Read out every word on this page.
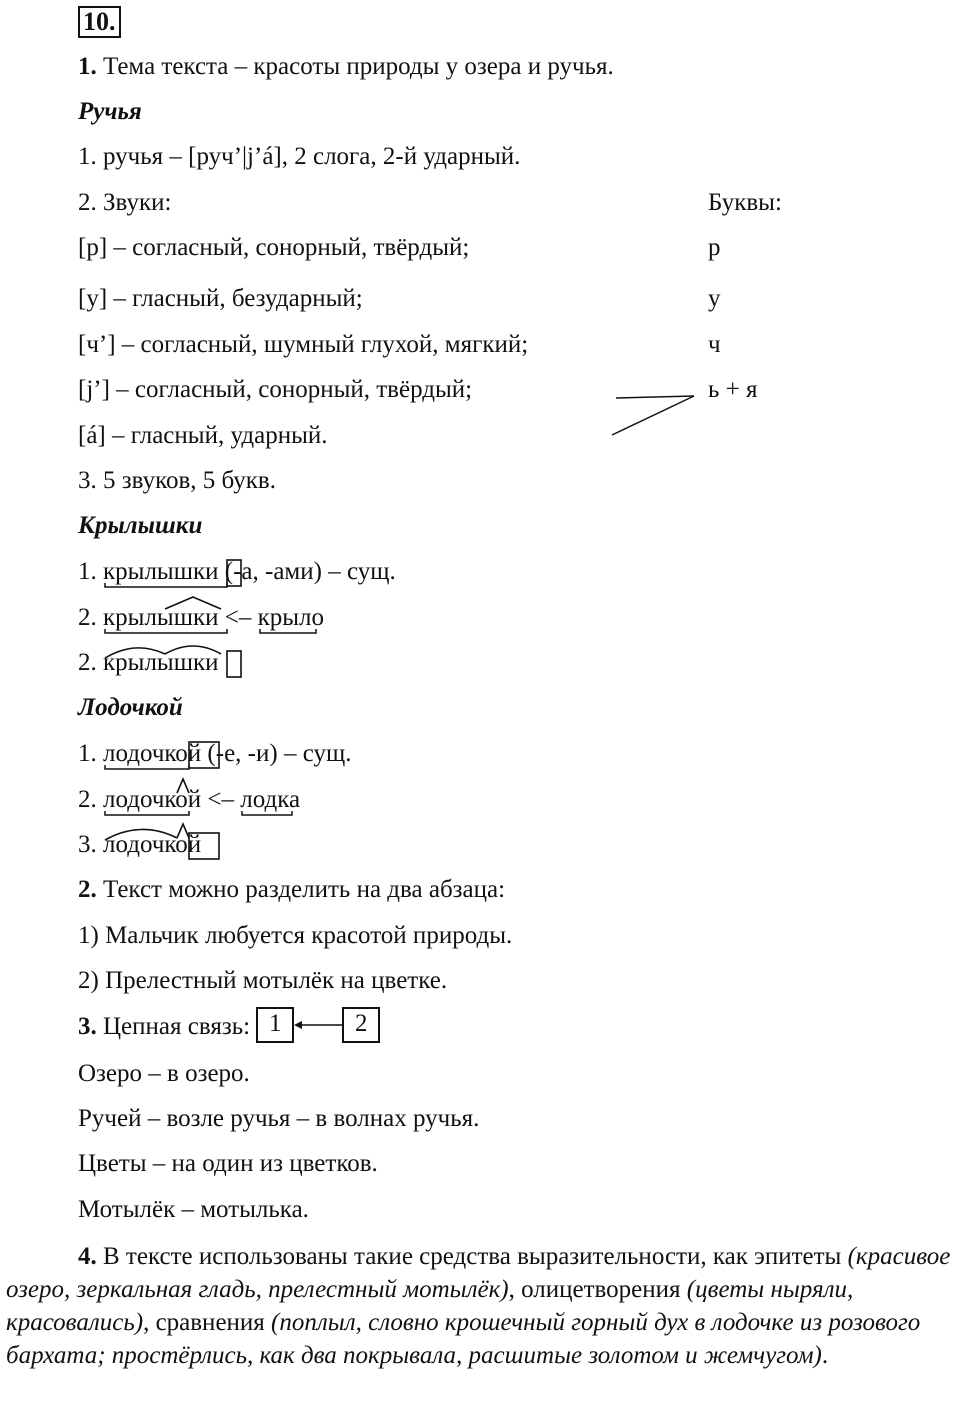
10.
1. Тема текста – красоты природы у озера и ручья.
Ручья
1. ручья – [руч’|j’á], 2 слога, 2-й ударный.
2. Звуки:	Буквы:
[р] – согласный, сонорный, твёрдый;	р
[у] – гласный, безударный;	у
[ч’] – согласный, шумный глухой, мягкий;	ч
[j’] – согласный, сонорный, твёрдый;	ь + я
[á] – гласный, ударный.
3. 5 звуков, 5 букв.
Крылышки
1. крылышки
(-а, -ами) – сущ.
2. крылышки
<– крыло
2. крылышки
Лодочкой
1. лодочкой
(-е, -и) – сущ.
2. лодочкой
<– лодка
3. лодочкой
2. Текст можно разделить на два абзаца:
1) Мальчик любуется красотой природы.
2) Прелестный мотылёк на цветке.
3. Цепная связь: 1	2
Озеро – в озеро.
Ручей – возле ручья – в волнах ручья.
Цветы – на один из цветков.
Мотылёк – мотылька.
4. В тексте использованы такие средства выразительности, как эпитеты (красивое озеро, зеркальная гладь, прелестный мотылёк), олицетворения (цветы ныряли, красовались), сравнения (поплыл, словно крошечный горный дух в лодочке из розового бархата; простёрлись, как два покрывала, расшитые золотом и жемчугом).
